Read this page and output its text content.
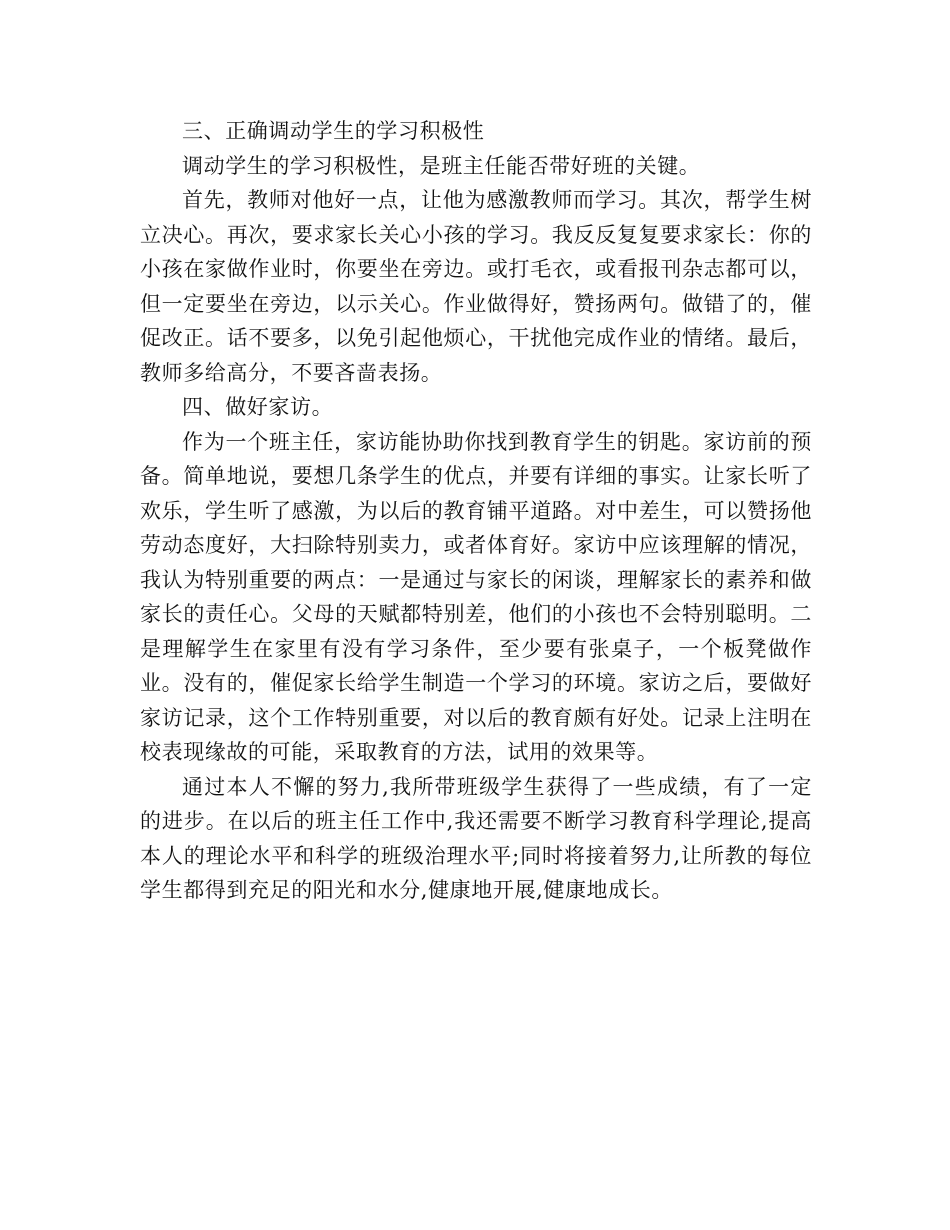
三、正确调动学生的学习积极性

调动学生的学习积极性，是班主任能否带好班的关键。

首先，教师对他好一点，让他为感激教师而学习。其次，帮学生树立决心。再次，要求家长关心小孩的学习。我反反复复要求家长：你的小孩在家做作业时，你要坐在旁边。或打毛衣，或看报刊杂志都可以，但一定要坐在旁边，以示关心。作业做得好，赞扬两句。做错了的，催促改正。话不要多，以免引起他烦心，干扰他完成作业的情绪。最后，教师多给高分，不要吝啬表扬。

四、做好家访。

作为一个班主任，家访能协助你找到教育学生的钥匙。家访前的预备。简单地说，要想几条学生的优点，并要有详细的事实。让家长听了欢乐，学生听了感激，为以后的教育铺平道路。对中差生，可以赞扬他劳动态度好，大扫除特别卖力，或者体育好。家访中应该理解的情况，我认为特别重要的两点：一是通过与家长的闲谈，理解家长的素养和做家长的责任心。父母的天赋都特别差，他们的小孩也不会特别聪明。二是理解学生在家里有没有学习条件，至少要有张桌子，一个板凳做作业。没有的，催促家长给学生制造一个学习的环境。家访之后，要做好家访记录，这个工作特别重要，对以后的教育颇有好处。记录上注明在校表现缘故的可能，采取教育的方法，试用的效果等。

通过本人不懈的努力,我所带班级学生获得了一些成绩，有了一定的进步。在以后的班主任工作中,我还需要不断学习教育科学理论,提高本人的理论水平和科学的班级治理水平;同时将接着努力,让所教的每位学生都得到充足的阳光和水分,健康地开展,健康地成长。
